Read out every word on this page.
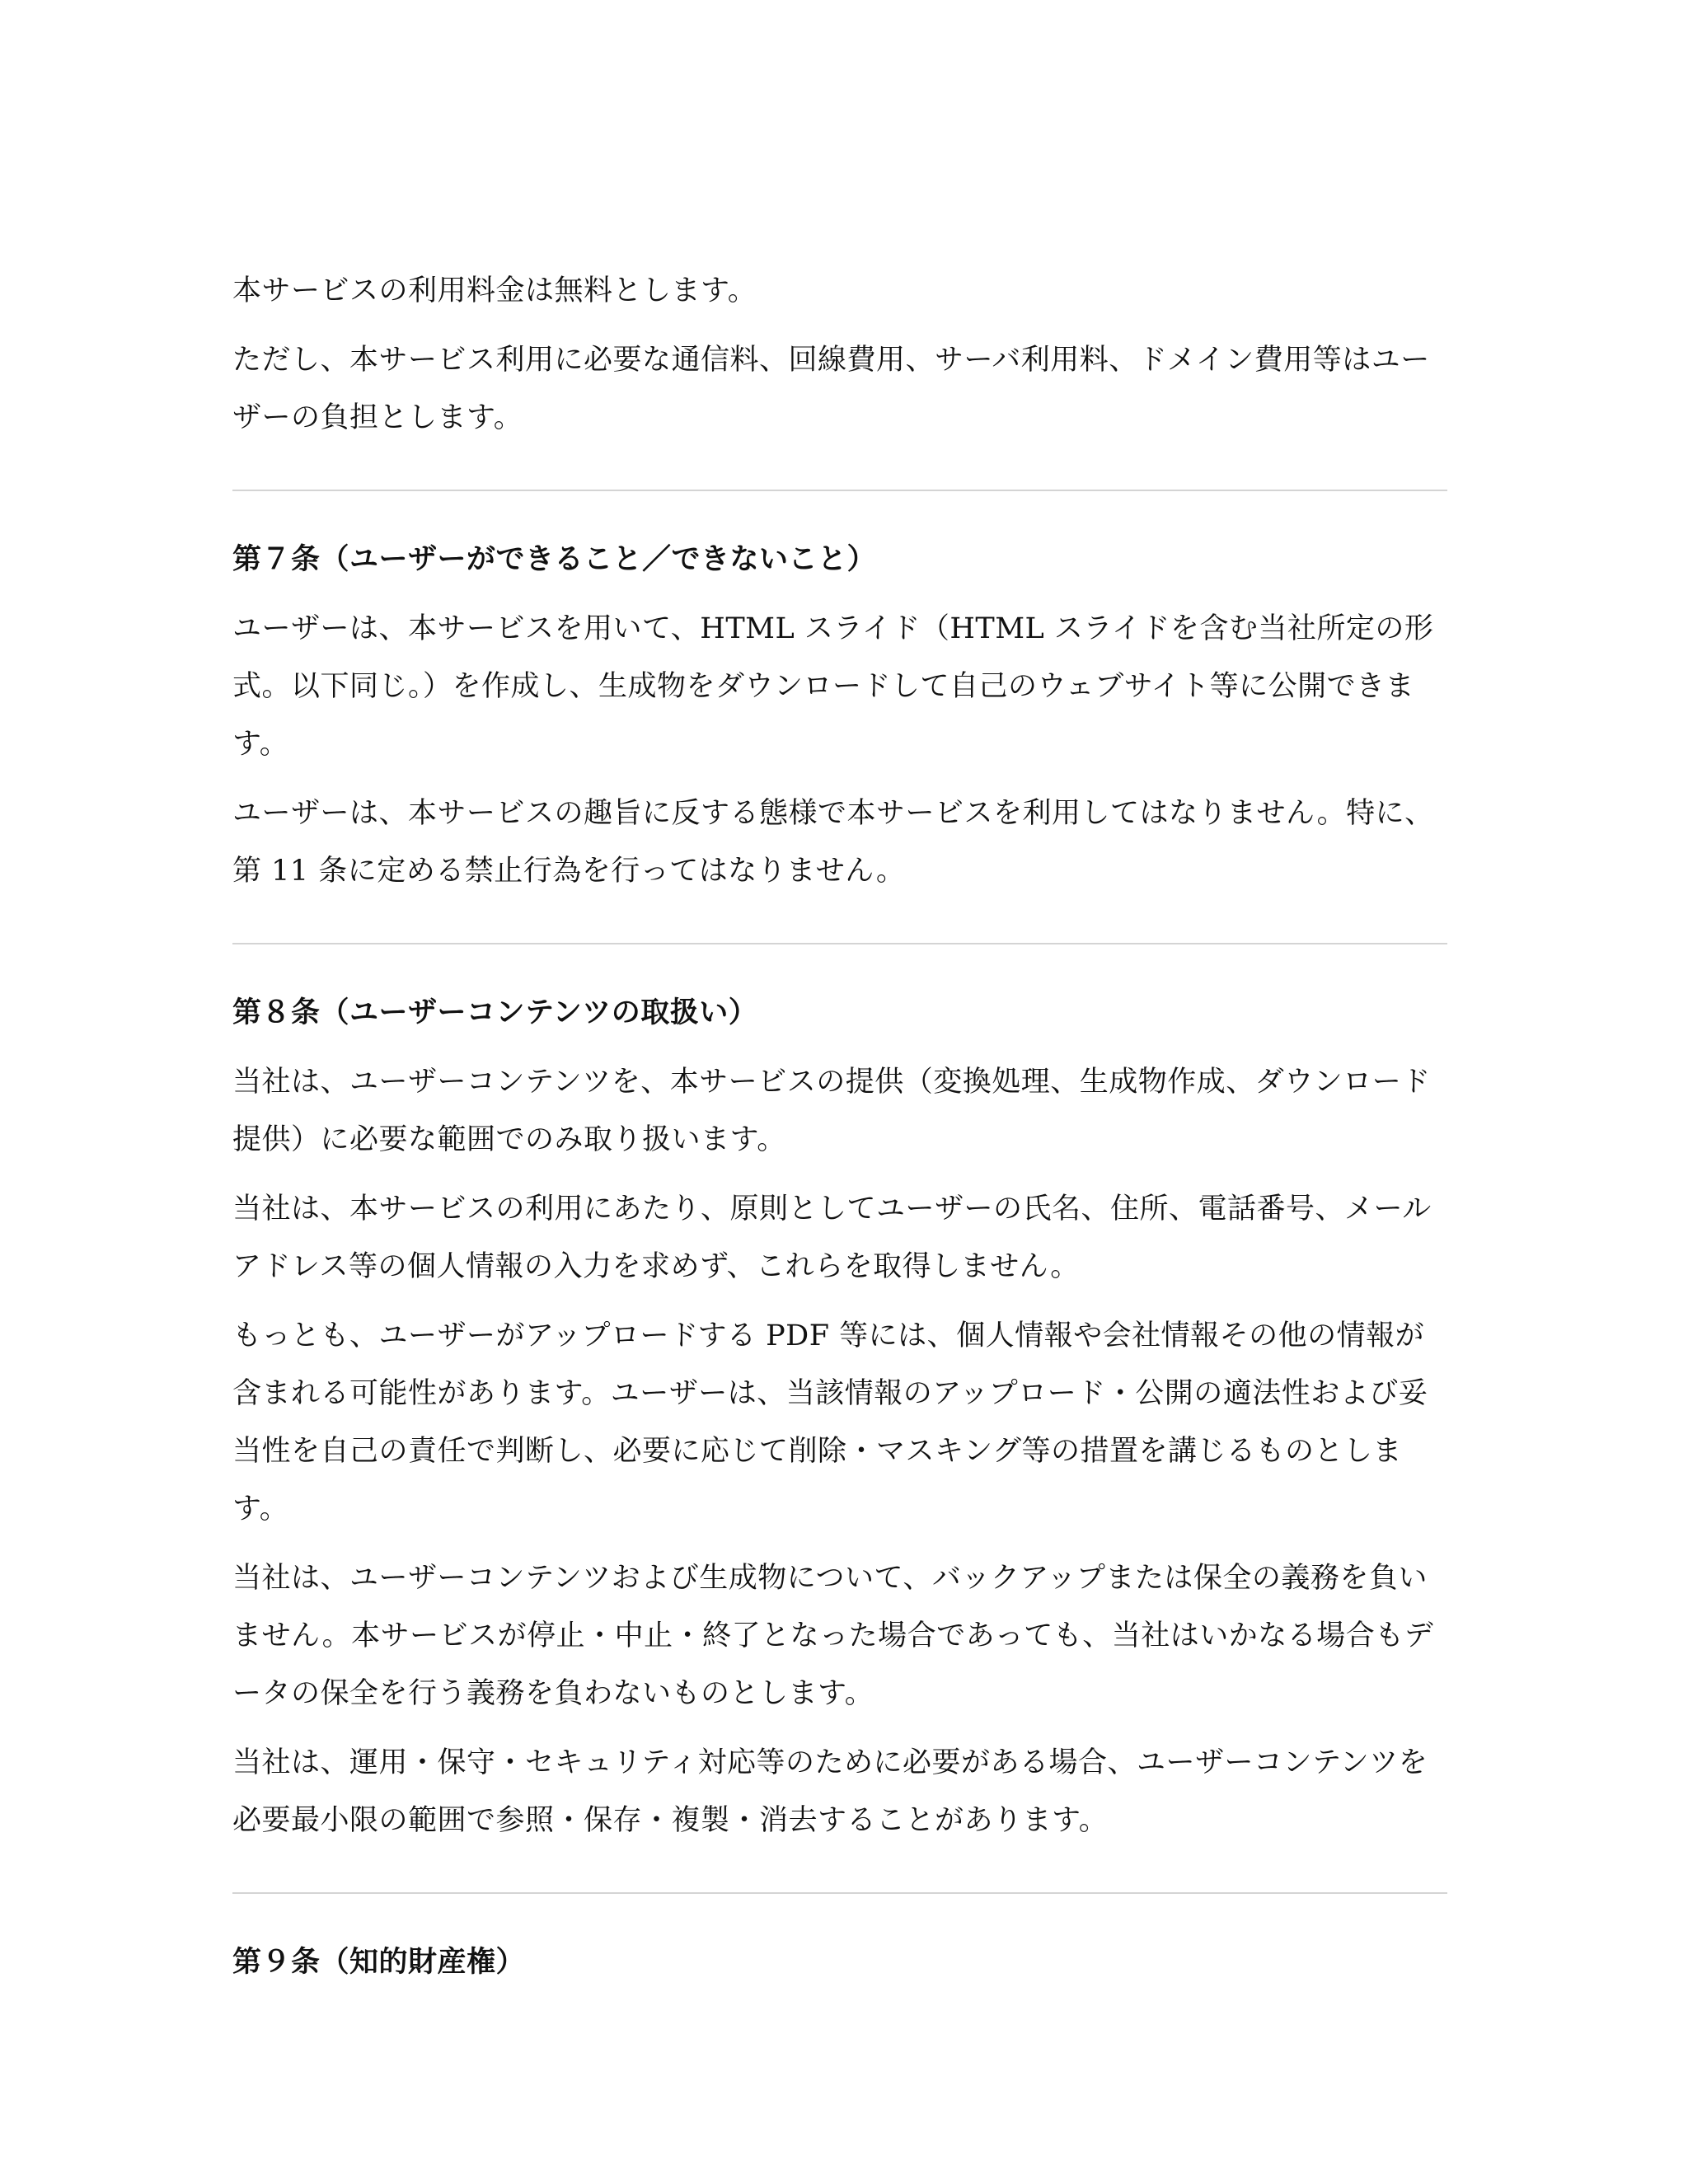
本サービスの利用料金は無料とします。

ただし、本サービス利用に必要な通信料、回線費用、サーバ利用料、ドメイン費用等はユーザーの負担とします。

第７条（ユーザーができること／できないこと）

ユーザーは、本サービスを用いて、HTML スライド（HTML スライドを含む当社所定の形式。以下同じ。）を作成し、生成物をダウンロードして自己のウェブサイト等に公開できます。

ユーザーは、本サービスの趣旨に反する態様で本サービスを利用してはなりません。特に、第 11 条に定める禁止行為を行ってはなりません。

第８条（ユーザーコンテンツの取扱い）

当社は、ユーザーコンテンツを、本サービスの提供（変換処理、生成物作成、ダウンロード提供）に必要な範囲でのみ取り扱います。

当社は、本サービスの利用にあたり、原則としてユーザーの氏名、住所、電話番号、メールアドレス等の個人情報の入力を求めず、これらを取得しません。

もっとも、ユーザーがアップロードする PDF 等には、個人情報や会社情報その他の情報が含まれる可能性があります。ユーザーは、当該情報のアップロード・公開の適法性および妥当性を自己の責任で判断し、必要に応じて削除・マスキング等の措置を講じるものとします。

当社は、ユーザーコンテンツおよび生成物について、バックアップまたは保全の義務を負いません。本サービスが停止・中止・終了となった場合であっても、当社はいかなる場合もデータの保全を行う義務を負わないものとします。

当社は、運用・保守・セキュリティ対応等のために必要がある場合、ユーザーコンテンツを必要最小限の範囲で参照・保存・複製・消去することがあります。

第９条（知的財産権）
